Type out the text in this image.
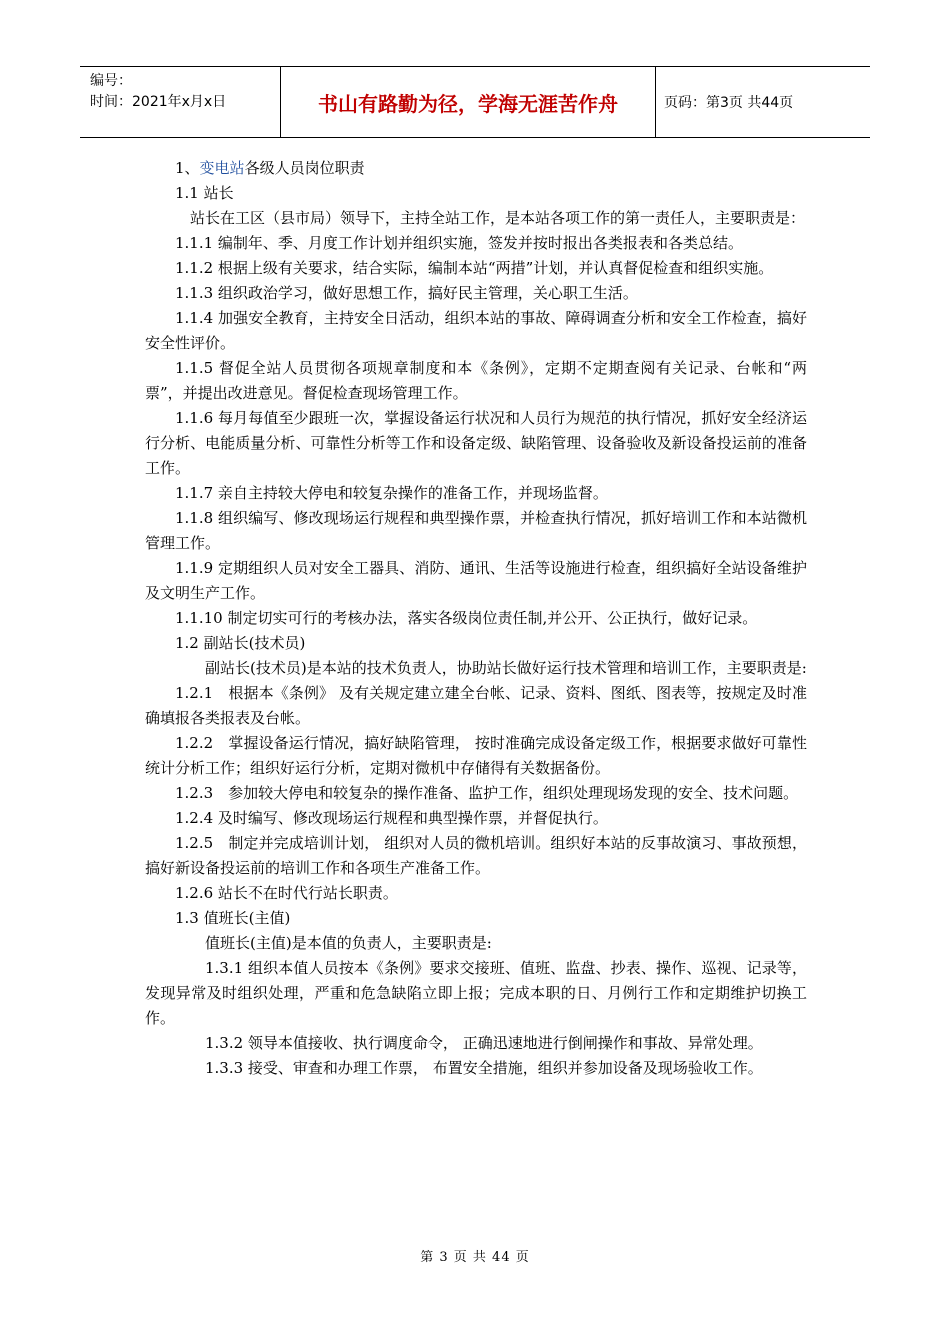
编号：
时间：2021年x月x日	书山有路勤为径，学海无涯苦作舟	页码：第3页 共44页

1、变电站各级人员岗位职责

1.1 站长

站长在工区（县市局）领导下，主持全站工作，是本站各项工作的第一责任人，主要职责是：

1.1.1 编制年、季、月度工作计划并组织实施，签发并按时报出各类报表和各类总结。

1.1.2 根据上级有关要求，结合实际，编制本站“两措”计划，并认真督促检查和组织实施。

1.1.3 组织政治学习，做好思想工作，搞好民主管理，关心职工生活。

1.1.4 加强安全教育，主持安全日活动，组织本站的事故、障碍调查分析和安全工作检查，搞好安全性评价。

1.1.5 督促全站人员贯彻各项规章制度和本《条例》，定期不定期查阅有关记录、台帐和“两票”，并提出改进意见。督促检查现场管理工作。

1.1.6 每月每值至少跟班一次，掌握设备运行状况和人员行为规范的执行情况，抓好安全经济运行分析、电能质量分析、可靠性分析等工作和设备定级、缺陷管理、设备验收及新设备投运前的准备工作。

1.1.7 亲自主持较大停电和较复杂操作的准备工作，并现场监督。

1.1.8 组织编写、修改现场运行规程和典型操作票，并检查执行情况，抓好培训工作和本站微机管理工作。

1.1.9 定期组织人员对安全工器具、消防、通讯、生活等设施进行检查，组织搞好全站设备维护及文明生产工作。

1.1.10 制定切实可行的考核办法，落实各级岗位责任制,并公开、公正执行，做好记录。

1.2 副站长(技术员)

副站长(技术员)是本站的技术负责人，协助站长做好运行技术管理和培训工作，主要职责是:

1.2.1　根据本《条例》 及有关规定建立建全台帐、记录、资料、图纸、图表等，按规定及时准确填报各类报表及台帐。

1.2.2　掌握设备运行情况，搞好缺陷管理， 按时准确完成设备定级工作，根据要求做好可靠性统计分析工作；组织好运行分析，定期对微机中存储得有关数据备份。

1.2.3　参加较大停电和较复杂的操作准备、监护工作，组织处理现场发现的安全、技术问题。

1.2.4 及时编写、修改现场运行规程和典型操作票，并督促执行。

1.2.5　制定并完成培训计划， 组织对人员的微机培训。组织好本站的反事故演习、事故预想，搞好新设备投运前的培训工作和各项生产准备工作。

1.2.6 站长不在时代行站长职责。

1.3 值班长(主值)

值班长(主值)是本值的负责人，主要职责是:

1.3.1 组织本值人员按本《条例》要求交接班、值班、监盘、抄表、操作、巡视、记录等，发现异常及时组织处理，严重和危急缺陷立即上报；完成本职的日、月例行工作和定期维护切换工作。

1.3.2 领导本值接收、执行调度命令， 正确迅速地进行倒闸操作和事故、异常处理。

1.3.3 接受、审查和办理工作票， 布置安全措施，组织并参加设备及现场验收工作。

第 3 页 共 44 页
